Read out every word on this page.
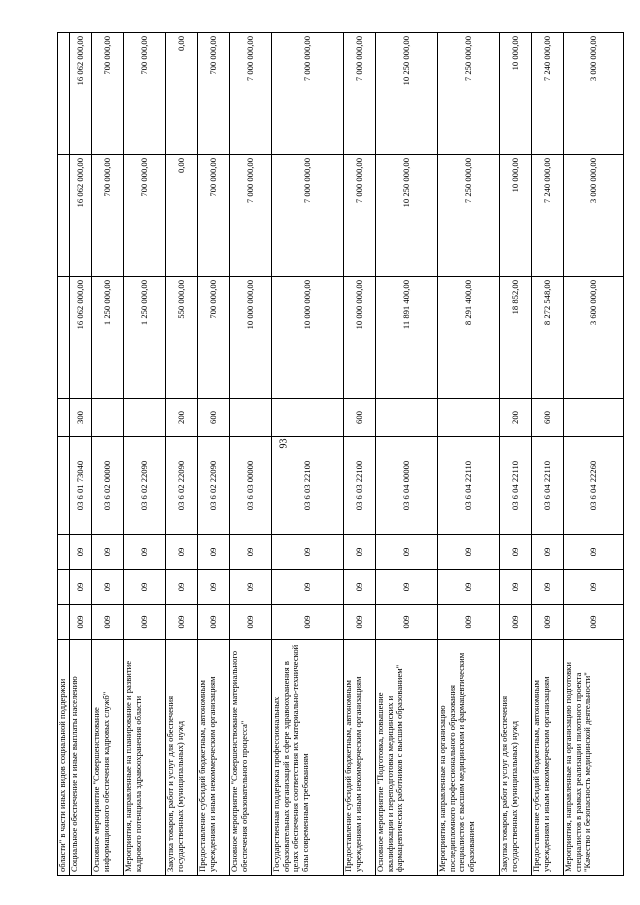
93
области" в части иных видов социальной поддержки								
Социальное обеспечение и иные выплаты населению	009	09	09	03 6 01 73040	300	16 062 000,00	16 062 000,00	16 062 000,00
Основное мероприятие "Совершенствование информационного обеспечения кадровых служб"	009	09	09	03 6 02 00000		1 250 000,00	700 000,00	700 000,00
Мероприятия, направленные на планирование и развитие кадрового потенциала здравоохранения области	009	09	09	03 6 02 22090		1 250 000,00	700 000,00	700 000,00
Закупка товаров, работ и услуг для обеспечения государственных (муниципальных) нужд	009	09	09	03 6 02 22090	200	550 000,00	0,00	0,00
Предоставление субсидий бюджетным, автономным учреждениям и иным некоммерческим организациям	009	09	09	03 6 02 22090	600	700 000,00	700 000,00	700 000,00
Основное мероприятие "Совершенствование материального обеспечения образовательного процесса"	009	09	09	03 6 03 00000		10 000 000,00	7 000 000,00	7 000 000,00
Государственная поддержка профессиональных образовательных организаций в сфере здравоохранения в целях обеспечения соответствия их материально-технической базы современным требованиям	009	09	09	03 6 03 22100		10 000 000,00	7 000 000,00	7 000 000,00
Предоставление субсидий бюджетным, автономным учреждениям и иным некоммерческим организациям	009	09	09	03 6 03 22100	600	10 000 000,00	7 000 000,00	7 000 000,00
Основное мероприятие "Подготовка, повышение квалификации и переподготовка медицинских и фармацевтических работников с высшим образованием"	009	09	09	03 6 04 00000		11 891 400,00	10 250 000,00	10 250 000,00
Мероприятия, направленные на организацию последипломного профессионального образования специалистов с высшим медицинским и фармацевтическим образованием	009	09	09	03 6 04 22110		8 291 400,00	7 250 000,00	7 250 000,00
Закупка товаров, работ и услуг для обеспечения государственных (муниципальных) нужд	009	09	09	03 6 04 22110	200	18 852,00	10 000,00	10 000,00
Предоставление субсидий бюджетным, автономным учреждениям и иным некоммерческим организациям	009	09	09	03 6 04 22110	600	8 272 548,00	7 240 000,00	7 240 000,00
Мероприятия, направленные на организацию подготовки специалистов в рамках реализации пилотного проекта "Качество и безопасность медицинской деятельности"	009	09	09	03 6 04 22260		3 600 000,00	3 000 000,00	3 000 000,00
